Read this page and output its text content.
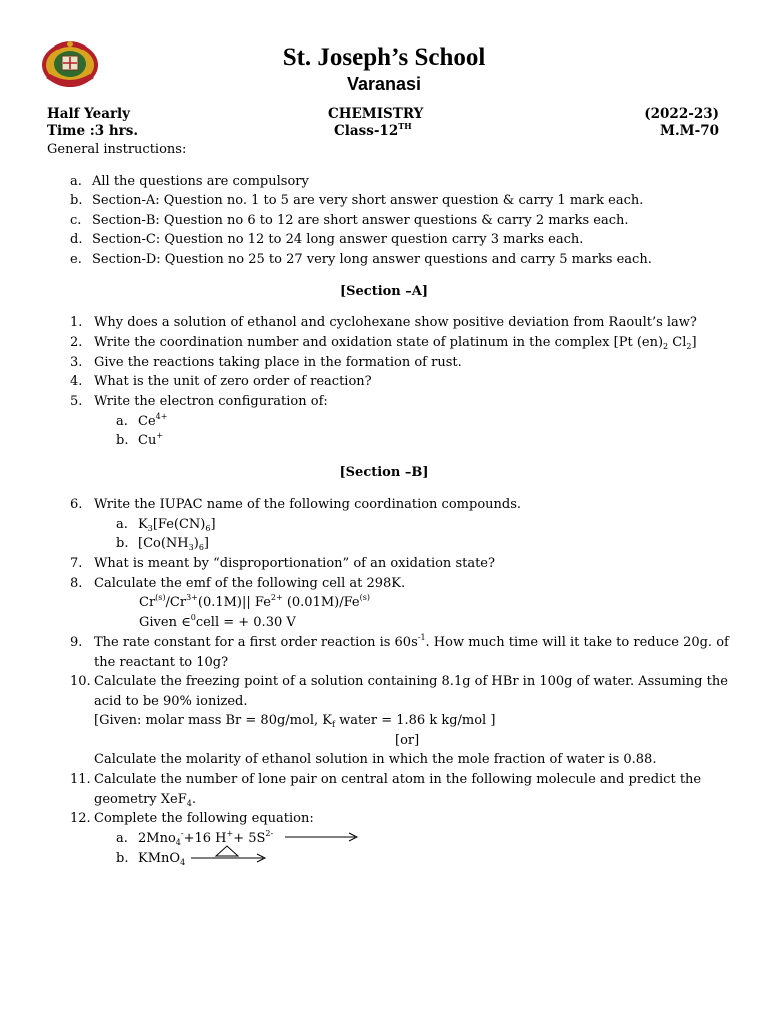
St. Joseph’s School
Varanasi
Half Yearly	CHEMISTRY	(2022-23)
Time :3 hrs.	Class-12TH	M.M-70
General instructions:
a. All the questions are compulsory
b. Section-A: Question no. 1 to 5 are very short answer question & carry 1 mark each.
c. Section-B: Question no 6 to 12 are short answer questions & carry 2 marks each.
d. Section-C: Question no 12 to 24 long answer question carry 3 marks each.
e. Section-D: Question no 25 to 27 very long answer questions and carry 5 marks each.
[Section –A]
1. Why does a solution of ethanol and cyclohexane show positive deviation from Raoult’s law?
2. Write the coordination number and oxidation state of platinum in the complex [Pt $(en)_2$ $Cl_2$]
3. Give the reactions taking place in the formation of rust.
4. What is the unit of zero order of reaction?
5. Write the electron configuration of:
a. $Ce^{4+}$
b. Cu+
[Section –B]
6. Write the IUPAC name of the following coordination compounds.
a. $K_3[Fe(CN)_6]$
b. $[Co(NH_3)_6]$
7. What is meant by “disproportionation” of an oxidation state?
8. Calculate the emf of the following cell at 298K.
$Cr^{(s)}/Cr^{3+}(0.1M)||$ $Fe^{2+}$ (0.01M)/Fe$^{(s)}$
Given ∈$^0$cell = + 0.30 V
9. The rate constant for a first order reaction is $60s^{-1}$. How much time will it take to reduce 20g. of
the reactant to 10g?
10. Calculate the freezing point of a solution containing 8.1g of HBr in 100g of water. Assuming the
acid to be 90% ionized.
[Given: molar mass Br = 80g/mol, $K_f$ water = 1.86 k kg/mol ]
[or]
Calculate the molarity of ethanol solution in which the mole fraction of water is 0.88.
11. Calculate the number of lone pair on central atom in the following molecule and predict the
geometry XeF$_4$.
12. Complete the following equation:
a. 2Mno$_4$-+16 $H^++ 5S^{2-}$
b. KMnO$_4$
